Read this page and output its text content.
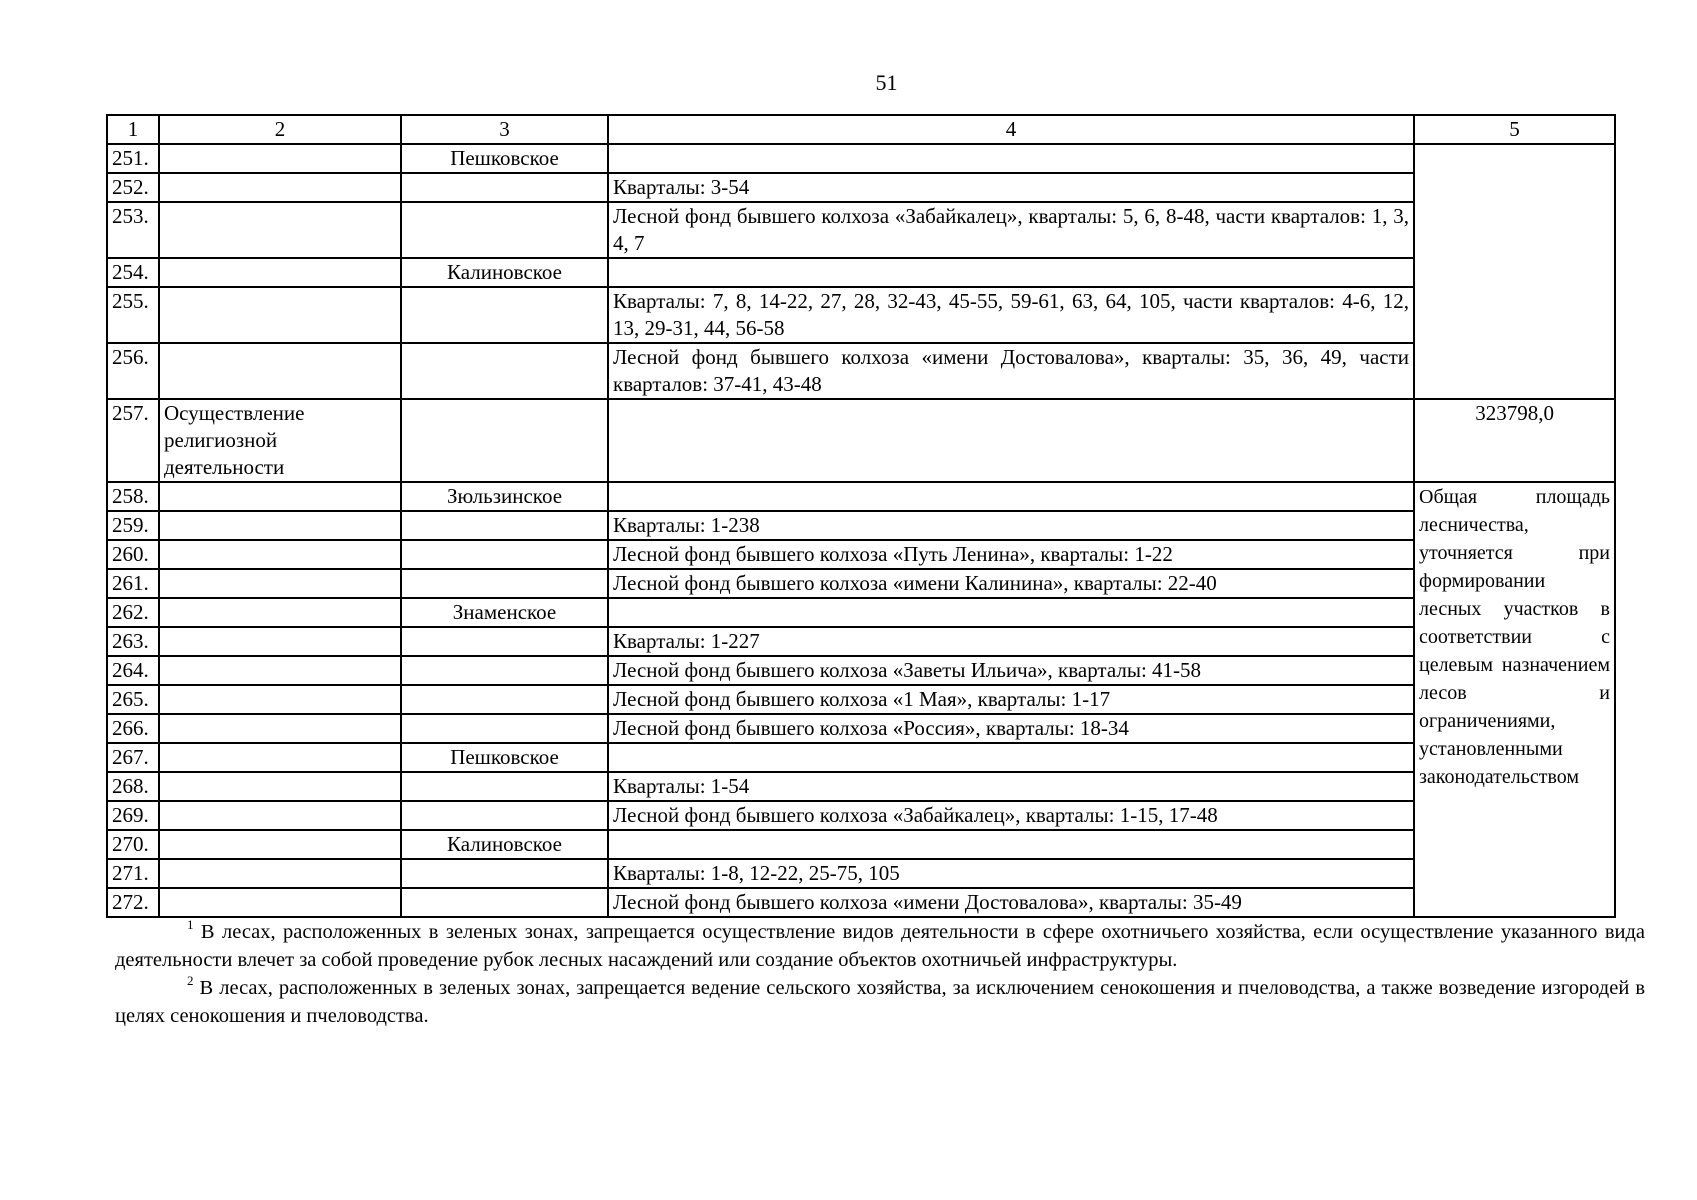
51
1	2	3	4	5
251.		Пешковское		
252.			Кварталы: 3-54	
253.			Лесной фонд бывшего колхоза «Забайкалец», кварталы: 5, 6, 8-48, части кварталов: 1, 3, 4, 7	
254.		Калиновское		
255.			Кварталы: 7, 8, 14-22, 27, 28, 32-43, 45-55, 59-61, 63, 64, 105, части кварталов: 4-6, 12, 13, 29-31, 44, 56-58	
256.			Лесной фонд бывшего колхоза «имени Достовалова», кварталы: 35, 36, 49, части кварталов: 37-41, 43-48	
257.	Осуществление религиозной деятельности			323798,0
258.		Зюльзинское		Общая площадь лесничества, уточняется при формировании лесных участков в соответствии с целевым назначением лесов и ограничениями, установленными законодательством
259.			Кварталы: 1-238	
260.			Лесной фонд бывшего колхоза «Путь Ленина», кварталы: 1-22	
261.			Лесной фонд бывшего колхоза «имени Калинина», кварталы: 22-40	
262.		Знаменское		
263.			Кварталы: 1-227	
264.			Лесной фонд бывшего колхоза «Заветы Ильича», кварталы: 41-58	
265.			Лесной фонд бывшего колхоза «1 Мая», кварталы: 1-17	
266.			Лесной фонд бывшего колхоза «Россия», кварталы: 18-34	
267.		Пешковское		
268.			Кварталы: 1-54	
269.			Лесной фонд бывшего колхоза «Забайкалец», кварталы: 1-15, 17-48	
270.		Калиновское		
271.			Кварталы: 1-8, 12-22, 25-75, 105	
272.			Лесной фонд бывшего колхоза «имени Достовалова», кварталы: 35-49	

$^1$ В лесах, расположенных в зеленых зонах, запрещается осуществление видов деятельности в сфере охотничьего хозяйства, если осуществление указанного вида деятельности влечет за собой проведение рубок лесных насаждений или создание объектов охотничьей инфраструктуры.

$^2$ В лесах, расположенных в зеленых зонах, запрещается ведение сельского хозяйства, за исключением сенокошения и пчеловодства, а также возведение изгородей в целях сенокошения и пчеловодства.
